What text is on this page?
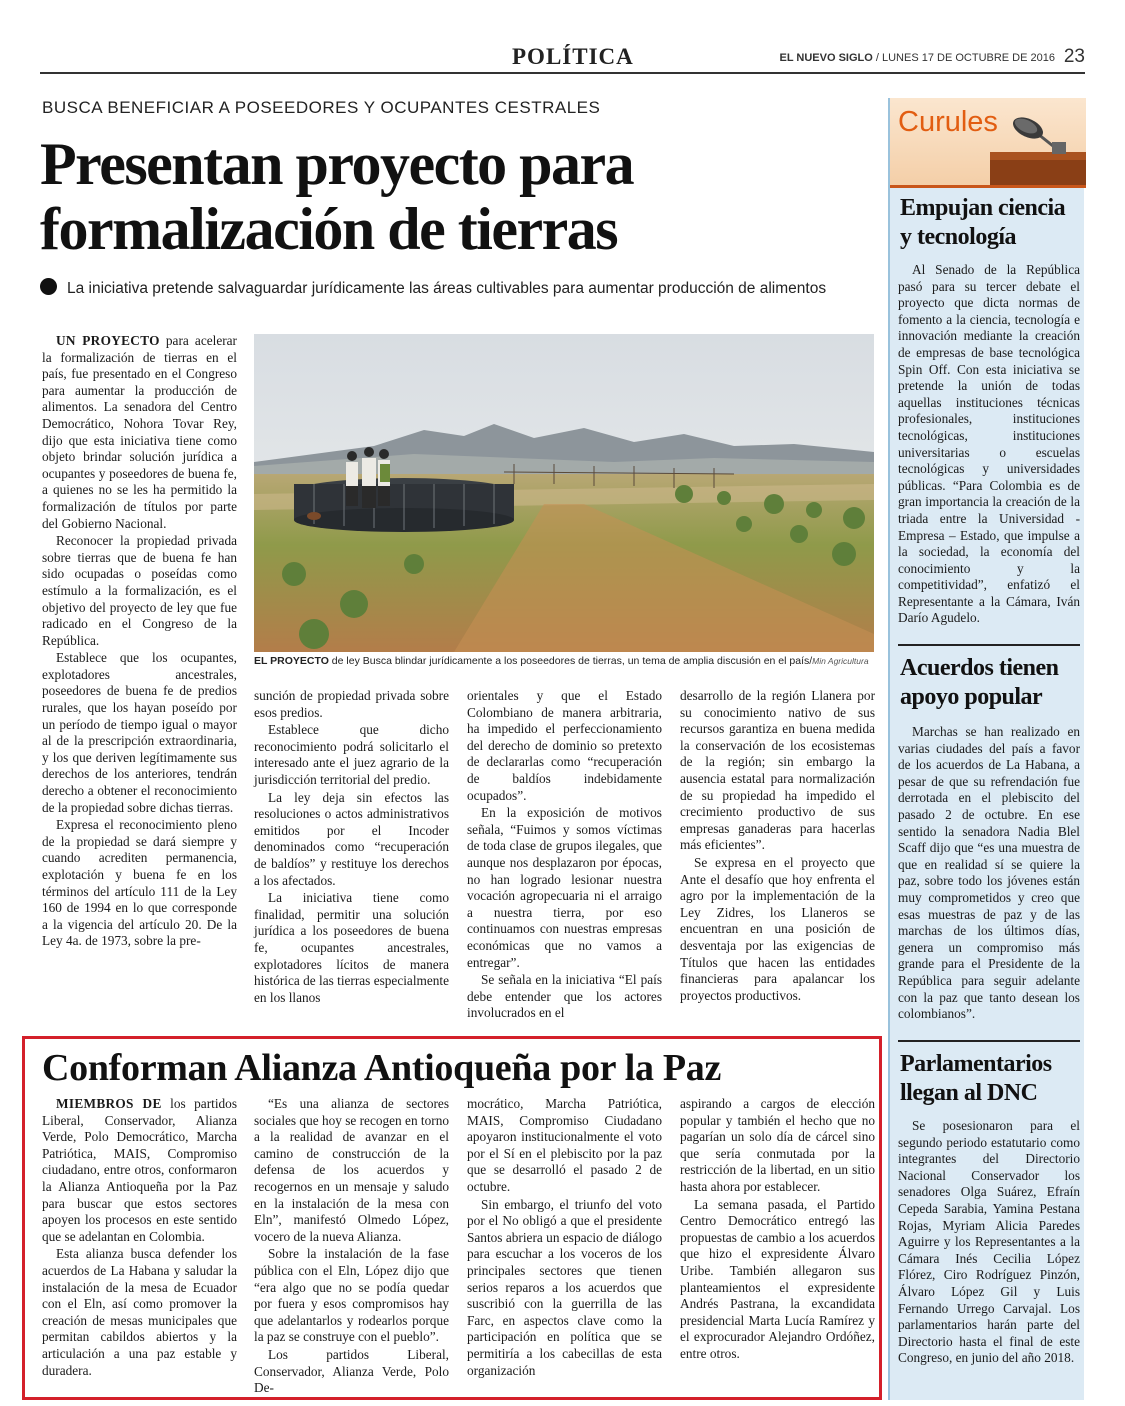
POLÍTICA	EL NUEVO SIGLO / LUNES 17 DE OCTUBRE DE 2016 23
BUSCA BENEFICIAR A POSEEDORES Y OCUPANTES CESTRALES
Presentan proyecto para formalización de tierras
La iniciativa pretende salvaguardar jurídicamente las áreas cultivables para aumentar producción de alimentos

UN PROYECTO para acelerar la formalización de tierras en el país, fue presentado en el Congreso para aumentar la producción de alimentos. La senadora del Centro Democrático, Nohora Tovar Rey, dijo que esta iniciativa tiene como objeto brindar solución jurídica a ocupantes y poseedores de buena fe, a quienes no se les ha permitido la formalización de títulos por parte del Gobierno Nacional.

Reconocer la propiedad privada sobre tierras que de buena fe han sido ocupadas o poseídas como estímulo a la formalización, es el objetivo del proyecto de ley que fue radicado en el Congreso de la República.

Establece que los ocupantes, explotadores ancestrales, poseedores de buena fe de predios rurales, que los hayan poseído por un período de tiempo igual o mayor al de la prescripción extraordinaria, y los que deriven legítimamente sus derechos de los anteriores, tendrán derecho a obtener el reconocimiento de la propiedad sobre dichas tierras.

Expresa el reconocimiento pleno de la propiedad se dará siempre y cuando acrediten permanencia, explotación y buena fe en los términos del artículo 111 de la Ley 160 de 1994 en lo que corresponde a la vigencia del artículo 20. De la Ley 4a. de 1973, sobre la pre-

EL PROYECTO de ley Busca blindar jurídicamente a los poseedores de tierras, un tema de amplia discusión en el país/Min Agricultura

sunción de propiedad privada sobre esos predios.

Establece que dicho reconocimiento podrá solicitarlo el interesado ante el juez agrario de la jurisdicción territorial del predio.

La ley deja sin efectos las resoluciones o actos administrativos emitidos por el Incoder denominados como “recuperación de baldíos” y restituye los derechos a los afectados.

La iniciativa tiene como finalidad, permitir una solución jurídica a los poseedores de buena fe, ocupantes ancestrales, explotadores lícitos de manera histórica de las tierras especialmente en los llanos

orientales y que el Estado Colombiano de manera arbitraria, ha impedido el perfeccionamiento del derecho de dominio so pretexto de declararlas como “recuperación de baldíos indebidamente ocupados”.

En la exposición de motivos señala, “Fuimos y somos víctimas de toda clase de grupos ilegales, que aunque nos desplazaron por épocas, no han logrado lesionar nuestra vocación agropecuaria ni el arraigo a nuestra tierra, por eso continuamos con nuestras empresas económicas que no vamos a entregar”.

Se señala en la iniciativa “El país debe entender que los actores involucrados en el

desarrollo de la región Llanera por su conocimiento nativo de sus recursos garantiza en buena medida la conservación de los ecosistemas de la región; sin embargo la ausencia estatal para normalización de su propiedad ha impedido el crecimiento productivo de sus empresas ganaderas para hacerlas más eficientes”.

Se expresa en el proyecto que Ante el desafío que hoy enfrenta el agro por la implementación de la Ley Zidres, los Llaneros se encuentran en una posición de desventaja por las exigencias de Títulos que hacen las entidades financieras para apalancar los proyectos productivos.

Curules
Empujan ciencia y tecnología

Al Senado de la República pasó para su tercer debate el proyecto que dicta normas de fomento a la ciencia, tecnología e innovación mediante la creación de empresas de base tecnológica Spin Off. Con esta iniciativa se pretende la unión de todas aquellas instituciones técnicas profesionales, instituciones tecnológicas, instituciones universitarias o escuelas tecnológicas y universidades públicas. “Para Colombia es de gran importancia la creación de la triada entre la Universidad - Empresa – Estado, que impulse a la sociedad, la economía del conocimiento y la competitividad”, enfatizó el Representante a la Cámara, Iván Darío Agudelo.

Acuerdos tienen apoyo popular

Marchas se han realizado en varias ciudades del país a favor de los acuerdos de La Habana, a pesar de que su refrendación fue derrotada en el plebiscito del pasado 2 de octubre. En ese sentido la senadora Nadia Blel Scaff dijo que “es una muestra de que en realidad sí se quiere la paz, sobre todo los jóvenes están muy comprometidos y creo que esas muestras de paz y de las marchas de los últimos días, genera un compromiso más grande para el Presidente de la República para seguir adelante con la paz que tanto desean los colombianos”.

Parlamentarios llegan al DNC

Se posesionaron para el segundo periodo estatutario como integrantes del Directorio Nacional Conservador los senadores Olga Suárez, Efraín Cepeda Sarabia, Yamina Pestana Rojas, Myriam Alicia Paredes Aguirre y los Representantes a la Cámara Inés Cecilia López Flórez, Ciro Rodríguez Pinzón, Álvaro López Gil y Luis Fernando Urrego Carvajal. Los parlamentarios harán parte del Directorio hasta el final de este Congreso, en junio del año 2018.

Conforman Alianza Antioqueña por la Paz

MIEMBROS DE los partidos Liberal, Conservador, Alianza Verde, Polo Democrático, Marcha Patriótica, MAIS, Compromiso ciudadano, entre otros, conformaron la Alianza Antioqueña por la Paz para buscar que estos sectores apoyen los procesos en este sentido que se adelantan en Colombia.

Esta alianza busca defender los acuerdos de La Habana y saludar la instalación de la mesa de Ecuador con el Eln, así como promover la creación de mesas municipales que permitan cabildos abiertos y la articulación a una paz estable y duradera.

“Es una alianza de sectores sociales que hoy se recogen en torno a la realidad de avanzar en el camino de construcción de la defensa de los acuerdos y recogernos en un mensaje y saludo en la instalación de la mesa con Eln”, manifestó Olmedo López, vocero de la nueva Alianza.

Sobre la instalación de la fase pública con el Eln, López dijo que “era algo que no se podía quedar por fuera y esos compromisos hay que adelantarlos y rodearlos porque la paz se construye con el pueblo”.

Los partidos Liberal, Conservador, Alianza Verde, Polo De-

mocrático, Marcha Patriótica, MAIS, Compromiso Ciudadano apoyaron institucionalmente el voto por el Sí en el plebiscito por la paz que se desarrolló el pasado 2 de octubre.

Sin embargo, el triunfo del voto por el No obligó a que el presidente Santos abriera un espacio de diálogo para escuchar a los voceros de los principales sectores que tienen serios reparos a los acuerdos que suscribió con la guerrilla de las Farc, en aspectos clave como la participación en política que se permitiría a los cabecillas de esta organización

aspirando a cargos de elección popular y también el hecho que no pagarían un solo día de cárcel sino que sería conmutada por la restricción de la libertad, en un sitio hasta ahora por establecer.

La semana pasada, el Partido Centro Democrático entregó las propuestas de cambio a los acuerdos que hizo el expresidente Álvaro Uribe. También allegaron sus planteamientos el expresidente Andrés Pastrana, la excandidata presidencial Marta Lucía Ramírez y el exprocurador Alejandro Ordóñez, entre otros.
